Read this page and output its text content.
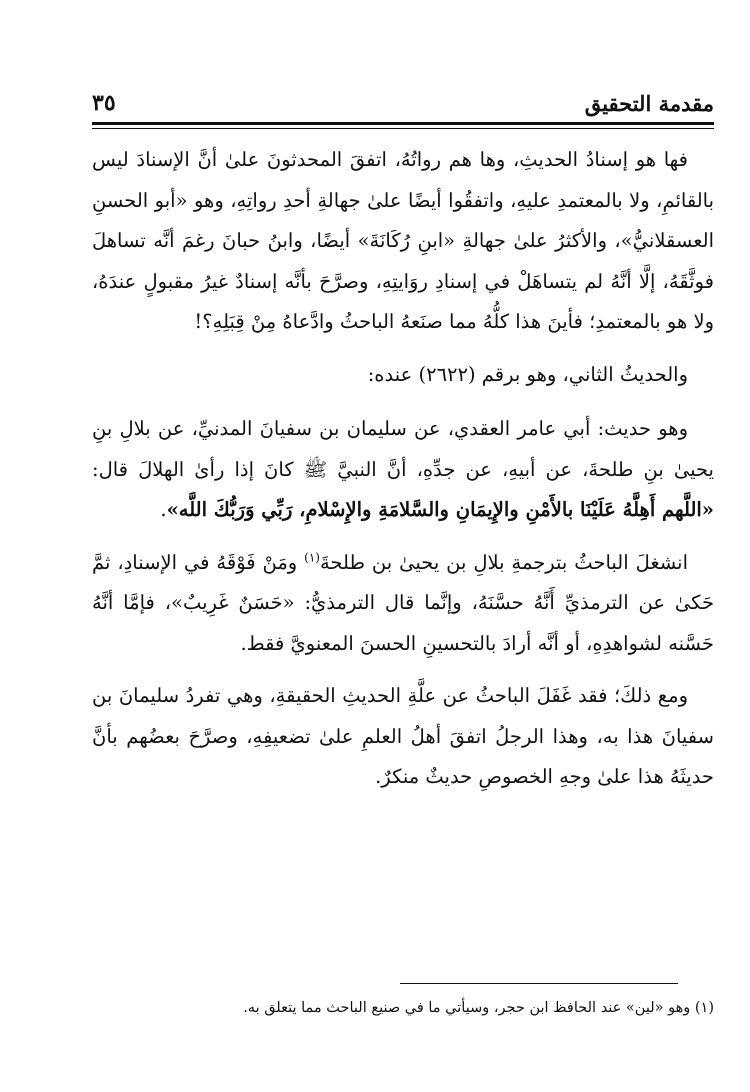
مقدمة التحقيق
٣٥

فها هو إسنادُ الحديثِ، وها هم رواتُهُ، اتفقَ المحدثونَ علىٰ أنَّ الإسنادَ ليس بالقائمِ، ولا بالمعتمدِ عليهِ، واتفقُوا أيضًا علىٰ جهالةِ أحدِ رواتِهِ، وهو «أبو الحسنِ العسقلانيُّ»، والأكثرُ علىٰ جهالةِ «ابنِ رُكَانَةَ» أيضًا، وابنُ حبانَ رغمَ أنَّه تساهلَ فوثَّقَهُ، إلَّا أنَّهُ لم يتساهَلْ في إسنادِ روَايتِهِ، وصرَّحَ بأنَّه إسنادٌ غيرُ مقبولٍ عندَهُ، ولا هو بالمعتمدِ؛ فأينَ هذا كلُّهُ مما صنَعهُ الباحثُ وادَّعاهُ مِنْ قِبَلِهِ؟!

والحديثُ الثاني، وهو برقم (٢٦٢٢) عنده:

وهو حديث: أبي عامر العقدي، عن سليمان بن سفيانَ المدنيِّ، عن بلالِ بنِ يحيىٰ بنِ طلحةَ، عن أبيهِ، عن جدِّهِ، أنَّ النبيَّ ﷺ كانَ إذا رأىٰ الهلالَ قال: «اللَّهم أَهِلَّهُ عَلَيْنَا بالأَمْنِ والإِيمَانِ والسَّلامَةِ والإِسْلامِ، رَبِّي وَرَبُّكَ اللَّه».

انشغلَ الباحثُ بترجمةِ بلالِ بن يحيىٰ بن طلحةَ$^{(١)}$ ومَنْ فَوْقَهُ في الإسنادِ، ثمَّ حَكىٰ عن الترمذيِّ أَنَّهُ حسَّنَهُ، وإنَّما قال الترمذيُّ: «حَسَنٌ غَرِيبٌ»، فإمَّا أنَّهُ حَسَّنه لشواهدِهِ، أو أنَّه أرادَ بالتحسينِ الحسنَ المعنويَّ فقط.

ومع ذلكَ؛ فقد غَفَلَ الباحثُ عن علَّةِ الحديثِ الحقيقةِ، وهي تفردُ سليمانَ بن سفيانَ هذا به، وهذا الرجلُ اتفقَ أهلُ العلمِ علىٰ تضعيفِهِ، وصرَّحَ بعضُهم بأنَّ حديثَهُ هذا علىٰ وجهِ الخصوصِ حديثٌ منكرٌ.

(١) وهو «لين» عند الحافظ ابن حجر، وسيأتي ما في صنيع الباحث مما يتعلق به.
